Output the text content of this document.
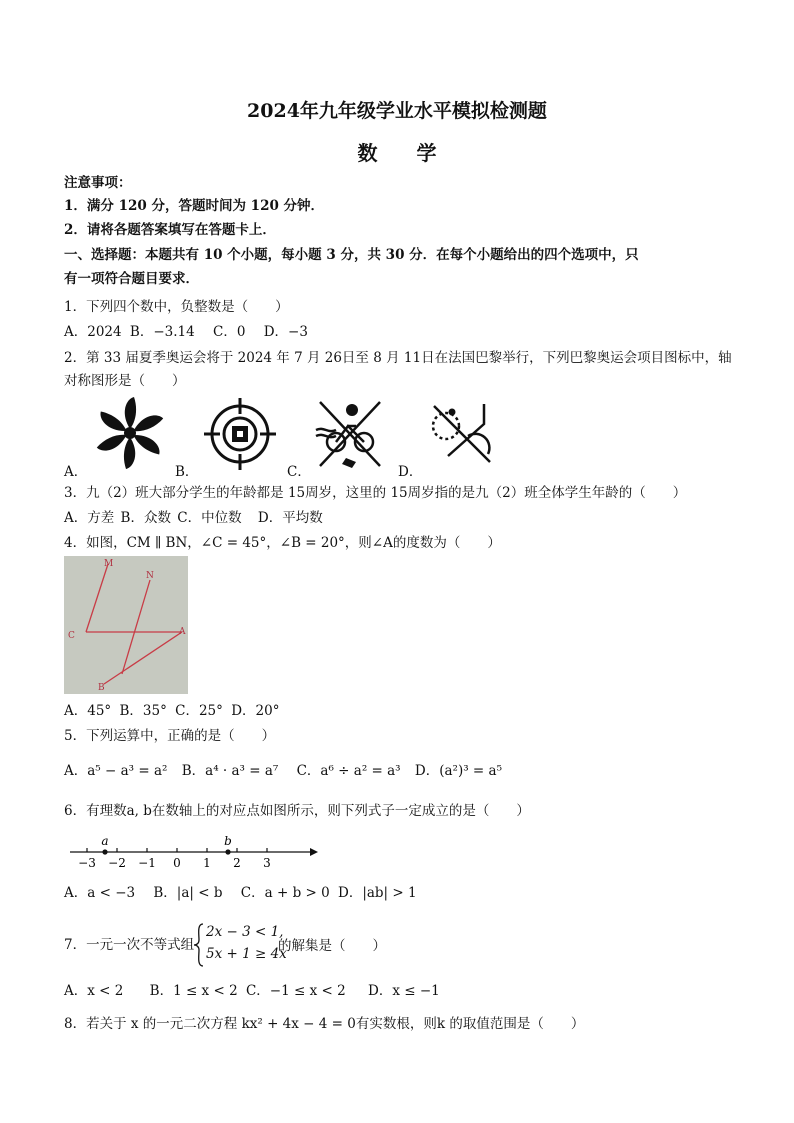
2024年九年级学业水平模拟检测题
数 学
注意事项：
1．满分 120 分，答题时间为 120 分钟．
2．请将各题答案填写在答题卡上．
一、选择题：本题共有 10 个小题，每小题 3 分，共 30 分．在每个小题给出的四个选项中，只
有一项符合题目要求．
1．下列四个数中，负整数是（　　）
A．2024 B．−3.14 C．0 D．−3
2．第 33 届夏季奥运会将于 2024 年 7 月 26日至 8 月 11日在法国巴黎举行，下列巴黎奥运会项目图标中，轴
对称图形是（　　）
A．	B．	C．	D．
3．九（2）班大部分学生的年龄都是 15周岁，这里的 15周岁指的是九（2）班全体学生年龄的（　　）
A．方差 B．众数 C．中位数 D．平均数
4．如图，CM ∥ BN，∠C = 45°，∠B = 20°，则∠A的度数为（　　）
M
N
C	A
B
A．45° B．35° C．25° D．20°
5．下列运算中，正确的是（　　）
A．a⁵ − a³ = a² B．a⁴ · a³ = a⁷ C．a⁶ ÷ a² = a³ D．(a²)³ = a⁵
6．有理数a, b在数轴上的对应点如图所示，则下列式子一定成立的是（　　）
−3 −2 −1 0 1 2 3
a	b
A．a < −3 B．|a| < b C．a + b > 0 D．|ab| > 1
7．一元一次不等式组
2x − 3 < 1,
5x + 1 ≥ 4x
的解集是（　　）
A．x < 2 B．1 ≤ x < 2 C．−1 ≤ x < 2 D．x ≤ −1
8．若关于 x 的一元二次方程 kx² + 4x − 4 = 0有实数根，则k 的取值范围是（　　）
